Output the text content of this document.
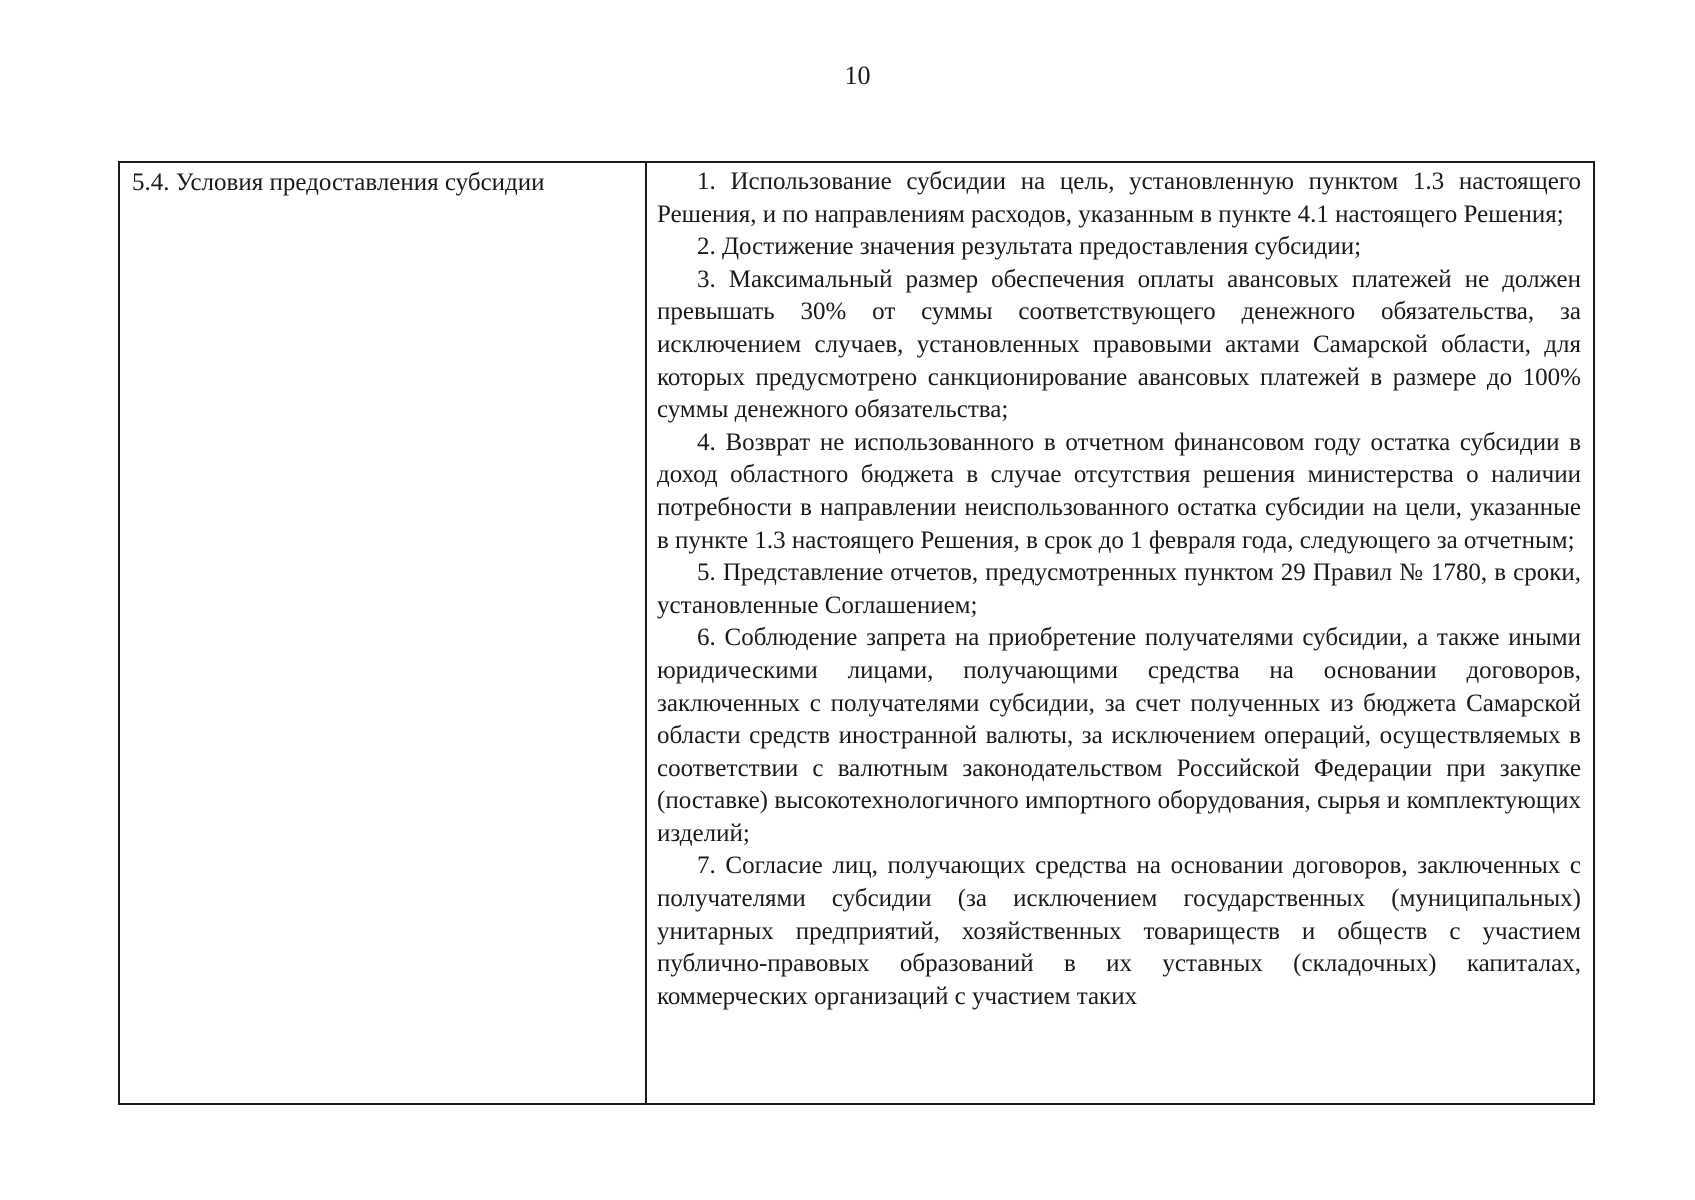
10
5.4. Условия предоставления субсидии	1. Использование субсидии на цель, установленную пунктом 1.3 настоящего Решения, и по направлениям расходов, указанным в пункте 4.1 настоящего Решения;

2. Достижение значения результата предоставления субсидии;

3. Максимальный размер обеспечения оплаты авансовых платежей не должен превышать 30% от суммы соответствующего денежного обязательства, за исключением случаев, установленных правовыми актами Самарской области, для которых предусмотрено санкционирование авансовых платежей в размере до 100% суммы денежного обязательства;

4. Возврат не использованного в отчетном финансовом году остатка субсидии в доход областного бюджета в случае отсутствия решения министерства о наличии потребности в направлении неиспользованного остатка субсидии на цели, указанные в пункте 1.3 настоящего Решения, в срок до 1 февраля года, следующего за отчетным;

5. Представление отчетов, предусмотренных пунктом 29 Правил № 1780, в сроки, установленные Соглашением;

6. Соблюдение запрета на приобретение получателями субсидии, а также иными юридическими лицами, получающими средства на основании договоров, заключенных с получателями субсидии, за счет полученных из бюджета Самарской области средств иностранной валюты, за исключением операций, осуществляемых в соответствии с валютным законодательством Российской Федерации при закупке (поставке) высокотехнологичного импортного оборудования, сырья и комплектующих изделий;

7. Согласие лиц, получающих средства на основании договоров, заключенных с получателями субсидии (за исключением государственных (муниципальных) унитарных предприятий, хозяйственных товариществ и обществ с участием публично-правовых образований в их уставных (складочных) капиталах, коммерческих организаций с участием таких
